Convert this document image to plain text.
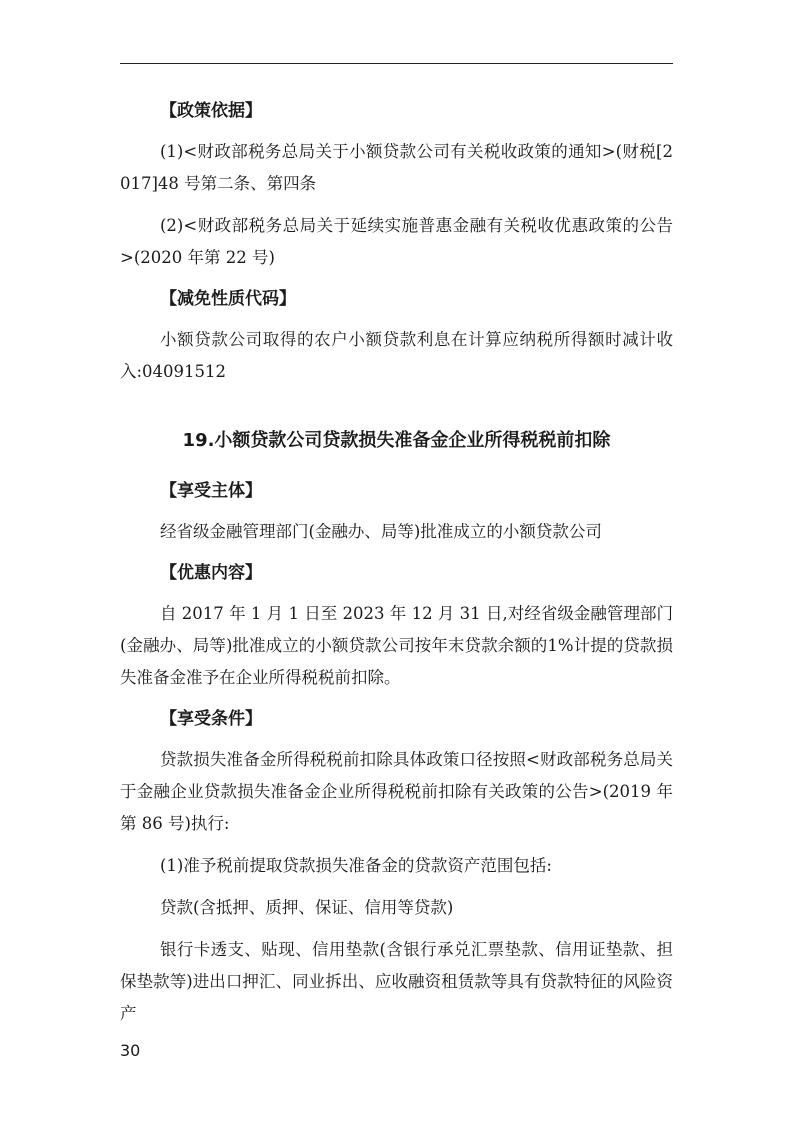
【政策依据】

(1)<财政部税务总局关于小额贷款公司有关税收政策的通知>(财税[2017]48 号第二条、第四条

(2)<财政部税务总局关于延续实施普惠金融有关税收优惠政策的公告>(2020 年第 22 号)

【减免性质代码】

小额贷款公司取得的农户小额贷款利息在计算应纳税所得额时减计收入:04091512

19.小额贷款公司贷款损失准备金企业所得税税前扣除
【享受主体】

经省级金融管理部门(金融办、局等)批准成立的小额贷款公司

【优惠内容】

自 2017 年 1 月 1 日至 2023 年 12 月 31 日,对经省级金融管理部门(金融办、局等)批准成立的小额贷款公司按年末贷款余额的1%计提的贷款损失准备金准予在企业所得税税前扣除。

【享受条件】

贷款损失准备金所得税税前扣除具体政策口径按照<财政部税务总局关于金融企业贷款损失准备金企业所得税税前扣除有关政策的公告>(2019 年第 86 号)执行:

(1)准予税前提取贷款损失准备金的贷款资产范围包括:

贷款(含抵押、质押、保证、信用等贷款)

银行卡透支、贴现、信用垫款(含银行承兑汇票垫款、信用证垫款、担保垫款等)进出口押汇、同业拆出、应收融资租赁款等具有贷款特征的风险资产

30
